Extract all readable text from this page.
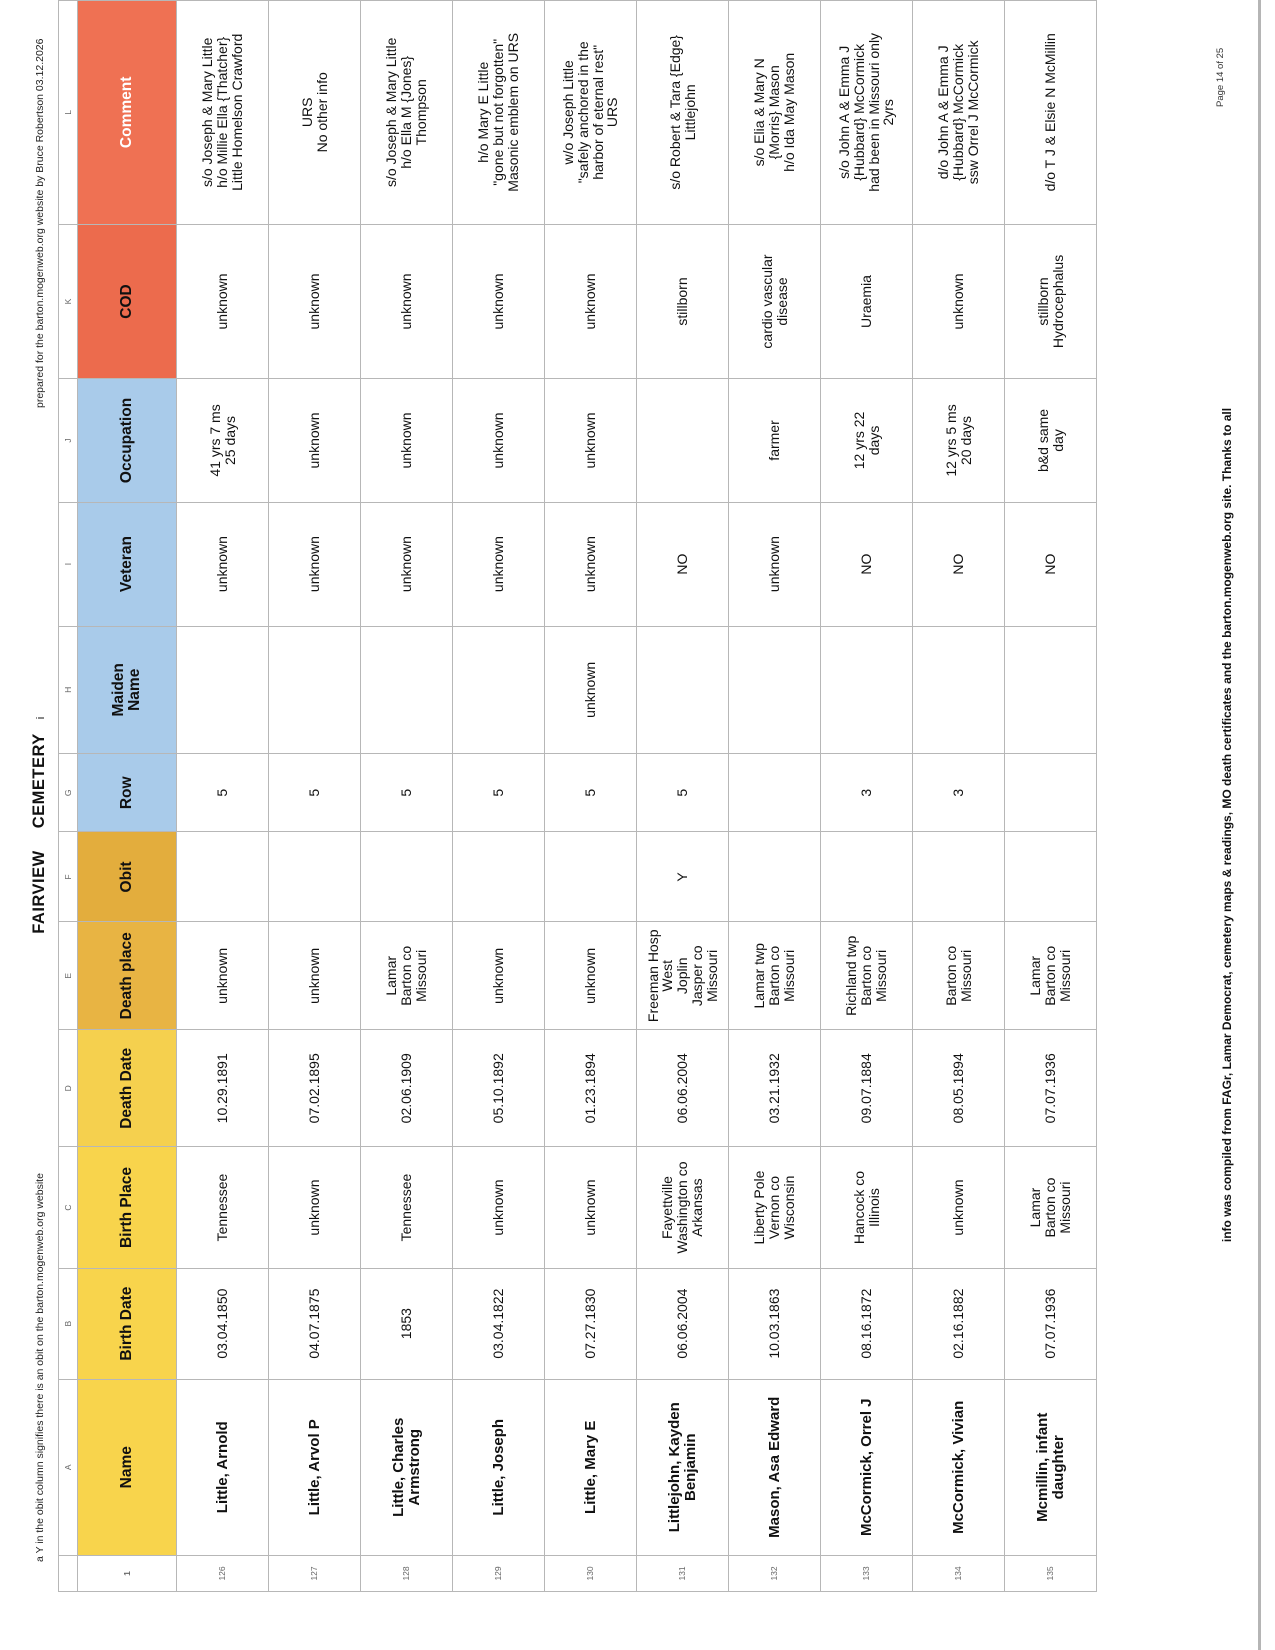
a Y in the obit column signifies there is an obit on the barton.mogenweb.org website
FAIRVIEWCEMETERYi
prepared for the barton.mogenweb.org website by Bruce Robertson 03.12.2026
	A	B	C	D	E	F	G	H	I	J	K	L
1	Name	Birth Date	Birth Place	Death Date	Death place	Obit	Row	Maiden
Name	Veteran	Occupation	COD	Comment
126	Little, Arnold	03.04.1850	Tennessee	10.29.1891	unknown		5		unknown	41 yrs 7 ms
25 days	unknown	s/o Joseph & Mary Little
h/o Millie Ella {Thatcher}
Little Homelson Crawford
127	Little, Arvol P	04.07.1875	unknown	07.02.1895	unknown		5		unknown	unknown	unknown	URS
No other info
128	Little, Charles
Armstrong	1853	Tennessee	02.06.1909	Lamar
Barton co
Missouri		5		unknown	unknown	unknown	s/o Joseph & Mary Little
h/o Ella M {Jones}
Thompson
129	Little, Joseph	03.04.1822	unknown	05.10.1892	unknown		5		unknown	unknown	unknown	h/o Mary E Little
"gone but not forgotten"
Masonic emblem on URS
130	Little, Mary E	07.27.1830	unknown	01.23.1894	unknown		5	unknown	unknown	unknown	unknown	w/o Joseph Little
"safely anchored in the
harbor of eternal rest"
URS
131	Littlejohn, Kayden
Benjamin	06.06.2004	Fayettville
Washington co
Arkansas	06.06.2004	Freeman Hosp
West
Joplin
Jasper co
Missouri	Y	5		NO		stillborn	s/o Robert & Tara {Edge}
Littlejohn
132	Mason, Asa Edward	10.03.1863	Liberty Pole
Vernon co
Wisconsin	03.21.1932	Lamar twp
Barton co
Missouri				unknown	farmer	cardio vascular
disease	s/o Elia & Mary N
{Morris} Mason
h/o Ida May Mason
133	McCormick, Orrel J	08.16.1872	Hancock co
Illinois	09.07.1884	Richland twp
Barton co
Missouri		3		NO	12 yrs 22
days	Uraemia	s/o John A & Emma J
{Hubbard} McCormick
had been in Missouri only
2yrs
134	McCormick, Vivian	02.16.1882	unknown	08.05.1894	Barton co
Missouri		3		NO	12 yrs 5 ms
20 days	unknown	d/o John A & Emma J
{Hubbard} McCormick
ssw Orrel J McCormick
135	Mcmillin, infant
daughter	07.07.1936	Lamar
Barton co
Missouri	07.07.1936	Lamar
Barton co
Missouri				NO	b&d same
day	stillborn
Hydrocephalus	d/o T J & Elsie N McMillin
info was compiled from FAGr, Lamar Democrat, cemetery maps & readings, MO death certificates and the barton.mogenweb.org site. Thanks to all
Page 14 of 25
